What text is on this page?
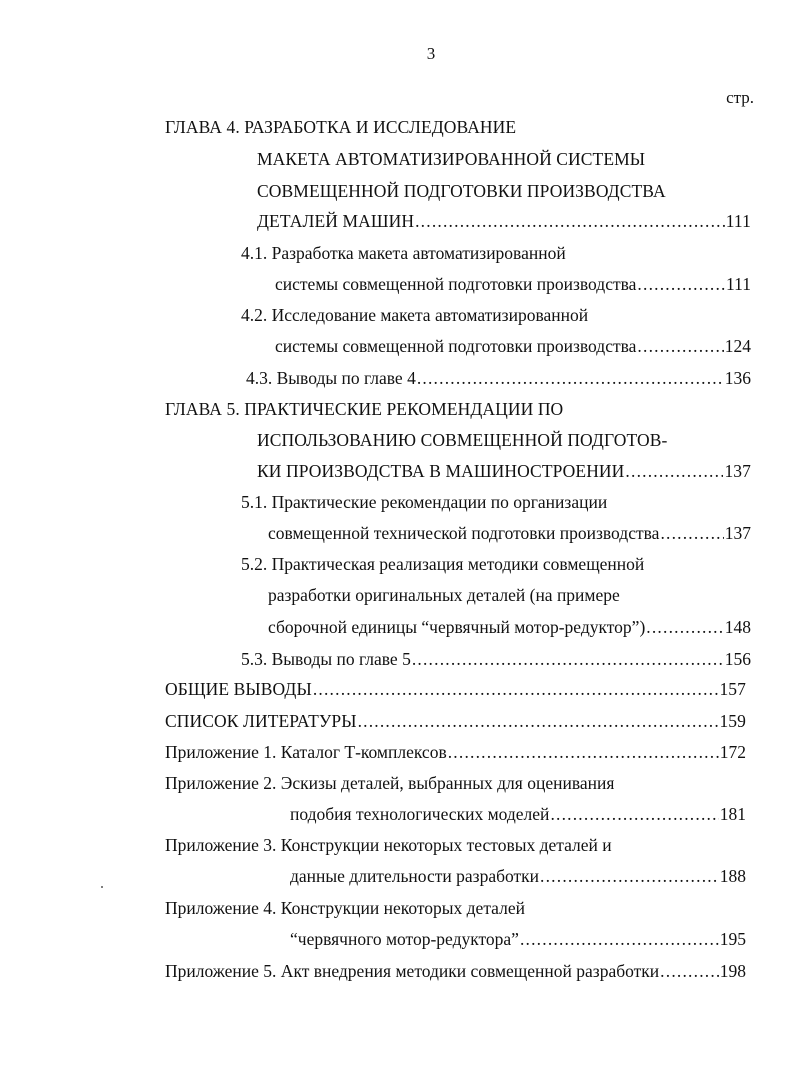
3
стр.
ГЛАВА 4. РАЗРАБОТКА И ИССЛЕДОВАНИЕ
МАКЕТА АВТОМАТИЗИРОВАННОЙ СИСТЕМЫ
СОВМЕЩЕННОЙ ПОДГОТОВКИ ПРОИЗВОДСТВА
ДЕТАЛЕЙ МАШИН .....	111
4.1. Разработка макета автоматизированной
системы совмещенной подготовки производства .....	111
4.2. Исследование макета автоматизированной
системы совмещенной подготовки производства .....	124
4.3. Выводы по главе 4 .....	136
ГЛАВА 5. ПРАКТИЧЕСКИЕ РЕКОМЕНДАЦИИ ПО
ИСПОЛЬЗОВАНИЮ СОВМЕЩЕННОЙ ПОДГОТОВ-
КИ ПРОИЗВОДСТВА В МАШИНОСТРОЕНИИ .....	137
5.1. Практические рекомендации по организации
совмещенной технической подготовки производства .....	137
5.2. Практическая реализация методики совмещенной
разработки оригинальных деталей (на примере
сборочной единицы “червячный мотор-редуктор”) .....	148
5.3. Выводы по главе 5 .....	156
ОБЩИЕ ВЫВОДЫ .....	157
СПИСОК ЛИТЕРАТУРЫ .....	159
Приложение 1. Каталог Т-комплексов .....	172
Приложение 2. Эскизы деталей, выбранных для оценивания
подобия технологических моделей .....	181
Приложение 3. Конструкции некоторых тестовых деталей и
данные длительности разработки .....	188
Приложение 4. Конструкции некоторых деталей
“червячного мотор-редуктора” .....	195
Приложение 5. Акт внедрения методики совмещенной разработки .....	198
